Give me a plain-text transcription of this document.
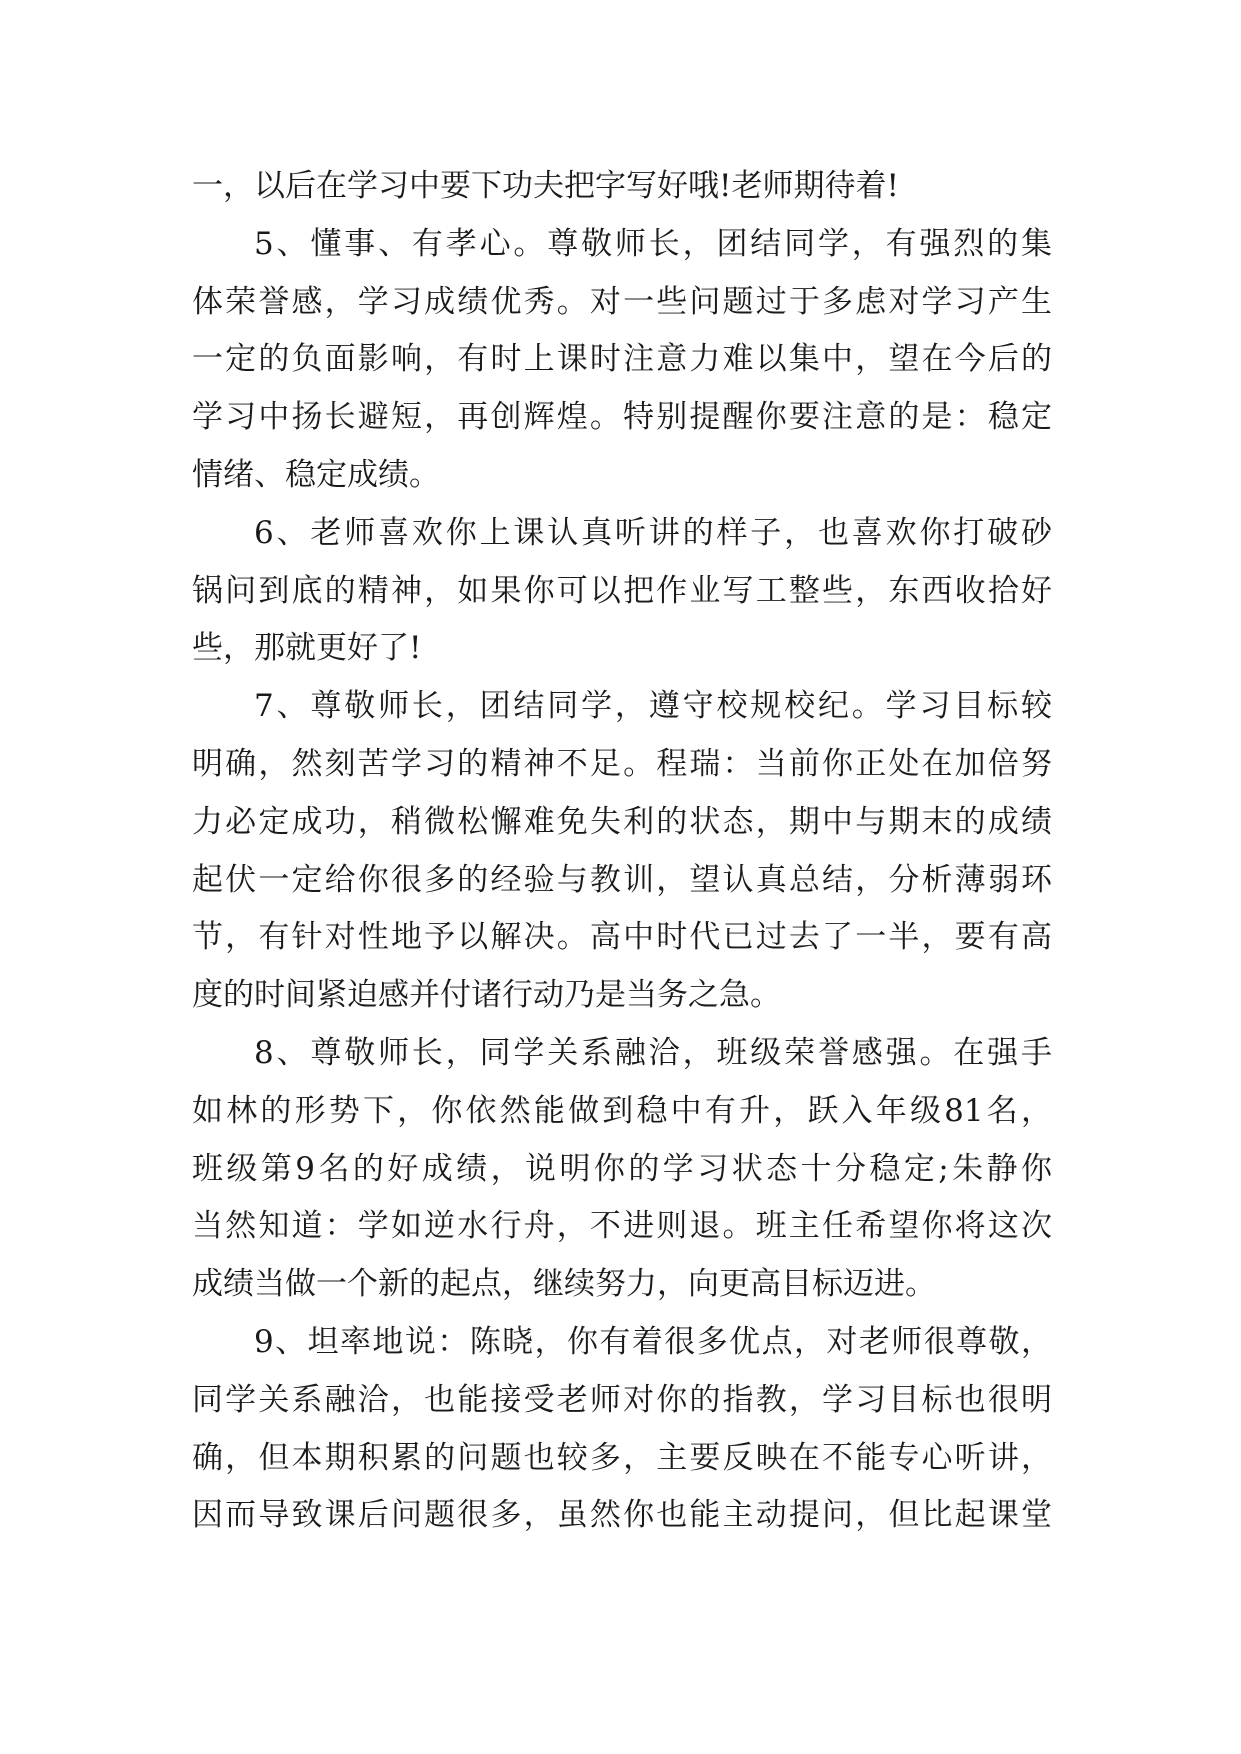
一，以后在学习中要下功夫把字写好哦!老师期待着!
5、懂事、有孝心。尊敬师长，团结同学，有强烈的集
体荣誉感，学习成绩优秀。对一些问题过于多虑对学习产生
一定的负面影响，有时上课时注意力难以集中，望在今后的
学习中扬长避短，再创辉煌。特别提醒你要注意的是：稳定
情绪、稳定成绩。
6、老师喜欢你上课认真听讲的样子，也喜欢你打破砂
锅问到底的精神，如果你可以把作业写工整些，东西收拾好
些，那就更好了!
7、尊敬师长，团结同学，遵守校规校纪。学习目标较
明确，然刻苦学习的精神不足。程瑞：当前你正处在加倍努
力必定成功，稍微松懈难免失利的状态，期中与期末的成绩
起伏一定给你很多的经验与教训，望认真总结，分析薄弱环
节，有针对性地予以解决。高中时代已过去了一半，要有高
度的时间紧迫感并付诸行动乃是当务之急。
8、尊敬师长，同学关系融洽，班级荣誉感强。在强手
如林的形势下，你依然能做到稳中有升，跃入年级81名，
班级第9名的好成绩，说明你的学习状态十分稳定;朱静你
当然知道：学如逆水行舟，不进则退。班主任希望你将这次
成绩当做一个新的起点，继续努力，向更高目标迈进。
9、坦率地说：陈晓，你有着很多优点，对老师很尊敬，
同学关系融洽，也能接受老师对你的指教，学习目标也很明
确，但本期积累的问题也较多，主要反映在不能专心听讲，
因而导致课后问题很多，虽然你也能主动提问，但比起课堂
